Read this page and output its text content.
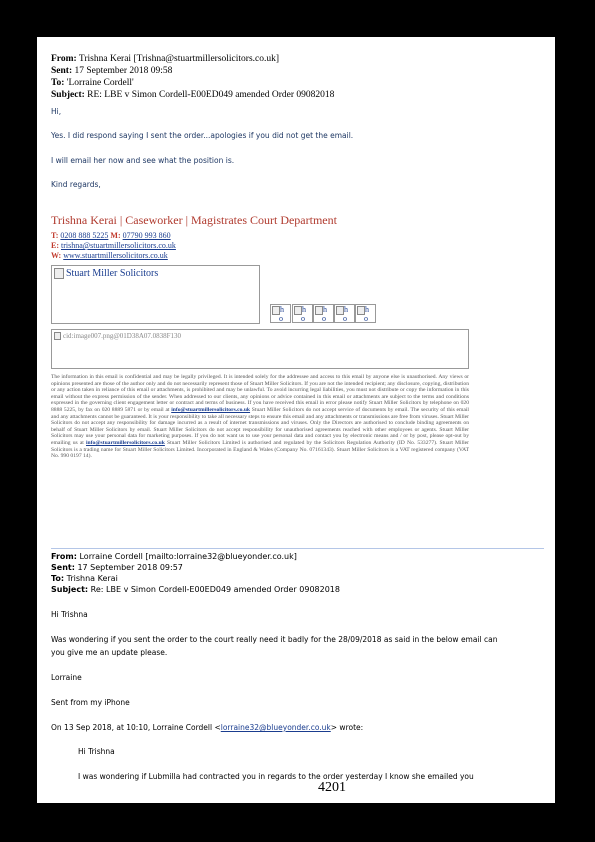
From: Trishna Kerai [Trishna@stuartmillersolicitors.co.uk]
Sent: 17 September 2018 09:58
To: 'Lorraine Cordell'
Subject: RE: LBE v Simon Cordell-E00ED049 amended Order 09082018
Hi,
Yes. I did respond saying I sent the order...apologies if you did not get the email.
I will email her now and see what the position is.
Kind regards,
Trishna Kerai | Caseworker | Magistrates Court Department
T: 0208 888 5225 M: 07790 993 860
E: trishna@stuartmillersolicitors.co.uk
W: www.stuartmillersolicitors.co.uk
Stuart Miller Solicitors
h
o
h
o
h
o
h
o
h
o
cid:image007.png@01D38A07.0838F130
The information in this email is confidential and may be legally privileged. It is intended solely for the addressee and access to this email by anyone else is unauthorised. Any views or opinions presented are those of the author only and do not necessarily represent those of Stuart Miller Solicitors. If you are not the intended recipient; any disclosure, copying, distribution or any action taken in reliance of this email or attachments, is prohibited and may be unlawful. To avoid incurring legal liabilities, you must not distribute or copy the information in this email without the express permission of the sender. When addressed to our clients, any opinions or advice contained in this email or attachments are subject to the terms and conditions expressed in the governing client engagement letter or contract and terms of business. If you have received this email in error please notify Stuart Miller Solicitors by telephone on 020 8888 5225, by fax on 020 8889 5871 or by email at info@stuartmillersolicitors.co.uk Stuart Miller Solicitors do not accept service of documents by email. The security of this email and any attachments cannot be guaranteed. It is your responsibility to take all necessary steps to ensure this email and any attachments or transmissions are free from viruses. Stuart Miller Solicitors do not accept any responsibility for damage incurred as a result of internet transmissions and viruses. Only the Directors are authorised to conclude binding agreements on behalf of Stuart Miller Solicitors by email. Stuart Miller Solicitors do not accept responsibility for unauthorised agreements reached with other employees or agents. Stuart Miller Solicitors may use your personal data for marketing purposes. If you do not want us to use your personal data and contact you by electronic means and / or by post, please opt-out by emailing us at info@stuartmillersolicitors.co.uk Stuart Miller Solicitors Limited is authorised and regulated by the Solicitors Regulation Authority (ID No. 533277). Stuart Miller Solicitors is a trading name for Stuart Miller Solicitors Limited. Incorporated in England & Wales (Company No. 07161343). Stuart Miller Solicitors is a VAT registered company (VAT No. 990 0197 14).
From: Lorraine Cordell [mailto:lorraine32@blueyonder.co.uk]
Sent: 17 September 2018 09:57
To: Trishna Kerai
Subject: Re: LBE v Simon Cordell-E00ED049 amended Order 09082018
Hi Trishna
Was wondering if you sent the order to the court really need it badly for the 28/09/2018 as said in the below email can
you give me an update please.
Lorraine
Sent from my iPhone
On 13 Sep 2018, at 10:10, Lorraine Cordell <lorraine32@blueyonder.co.uk> wrote:
Hi Trishna
I was wondering if Lubmilla had contracted you in regards to the order yesterday I know she emailed you
4201
